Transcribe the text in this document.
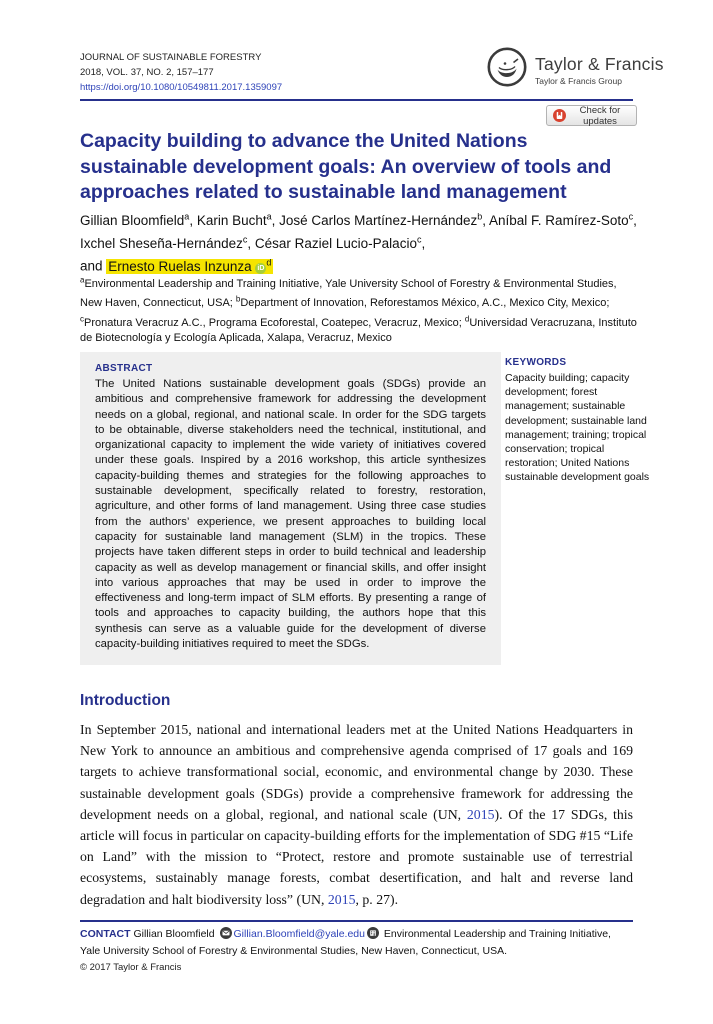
JOURNAL OF SUSTAINABLE FORESTRY
2018, VOL. 37, NO. 2, 157–177
https://doi.org/10.1080/10549811.2017.1359097
Taylor & Francis
Taylor & Francis Group
Check for updates
Capacity building to advance the United Nations sustainable development goals: An overview of tools and approaches related to sustainable land management

Gillian Bloomfield$^a$, Karin Bucht$^a$, José Carlos Martínez-Hernández$^b$, Aníbal F. Ramírez-Soto$^c$, Ixchel Sheseña-Hernández$^c$, César Raziel Lucio-Palacio$^c$,
and Ernesto Ruelas Inzunza $iD^d$

$^a$Environmental Leadership and Training Initiative, Yale University School of Forestry & Environmental Studies, New Haven, Connecticut, USA; $^b$Department of Innovation, Reforestamos México, A.C., Mexico City, Mexico; $^c$Pronatura Veracruz A.C., Programa Ecoforestal, Coatepec, Veracruz, Mexico; $^d$Universidad Veracruzana, Instituto de Biotecnología y Ecología Aplicada, Xalapa, Veracruz, Mexico

ABSTRACT

The United Nations sustainable development goals (SDGs) provide an ambitious and comprehensive framework for addressing the development needs on a global, regional, and national scale. In order for the SDG targets to be obtainable, diverse stakeholders need the technical, institutional, and organizational capacity to implement the wide variety of initiatives covered under these goals. Inspired by a 2016 workshop, this article synthesizes capacity-building themes and strategies for the following approaches to sustainable development, specifically related to forestry, restoration, agriculture, and other forms of land management. Using three case studies from the authors’ experience, we present approaches to building local capacity for sustainable land management (SLM) in the tropics. These projects have taken different steps in order to build technical and leadership capacity as well as develop management or financial skills, and offer insight into various approaches that may be used in order to improve the effectiveness and long-term impact of SLM efforts. By presenting a range of tools and approaches to capacity building, the authors hope that this synthesis can serve as a valuable guide for the development of diverse capacity-building initiatives required to meet the SDGs.

KEYWORDS

Capacity building; capacity development; forest management; sustainable development; sustainable land management; training; tropical conservation; tropical restoration; United Nations sustainable development goals

Introduction

In September 2015, national and international leaders met at the United Nations Headquarters in New York to announce an ambitious and comprehensive agenda comprised of 17 goals and 169 targets to achieve transformational social, economic, and environmental change by 2030. These sustainable development goals (SDGs) provide a comprehensive framework for addressing the development needs on a global, regional, and national scale (UN, 2015). Of the 17 SDGs, this article will focus in particular on capacity-building efforts for the implementation of SDG #15 “Life on Land” with the mission to “Protect, restore and promote sustainable use of terrestrial ecosystems, sustainably manage forests, combat desertification, and halt and reverse land degradation and halt biodiversity loss” (UN, 2015, p. 27).

CONTACT Gillian Bloomfield Gillian.Bloomfield@yale.edu Environmental Leadership and Training Initiative, Yale University School of Forestry & Environmental Studies, New Haven, Connecticut, USA.

© 2017 Taylor & Francis
